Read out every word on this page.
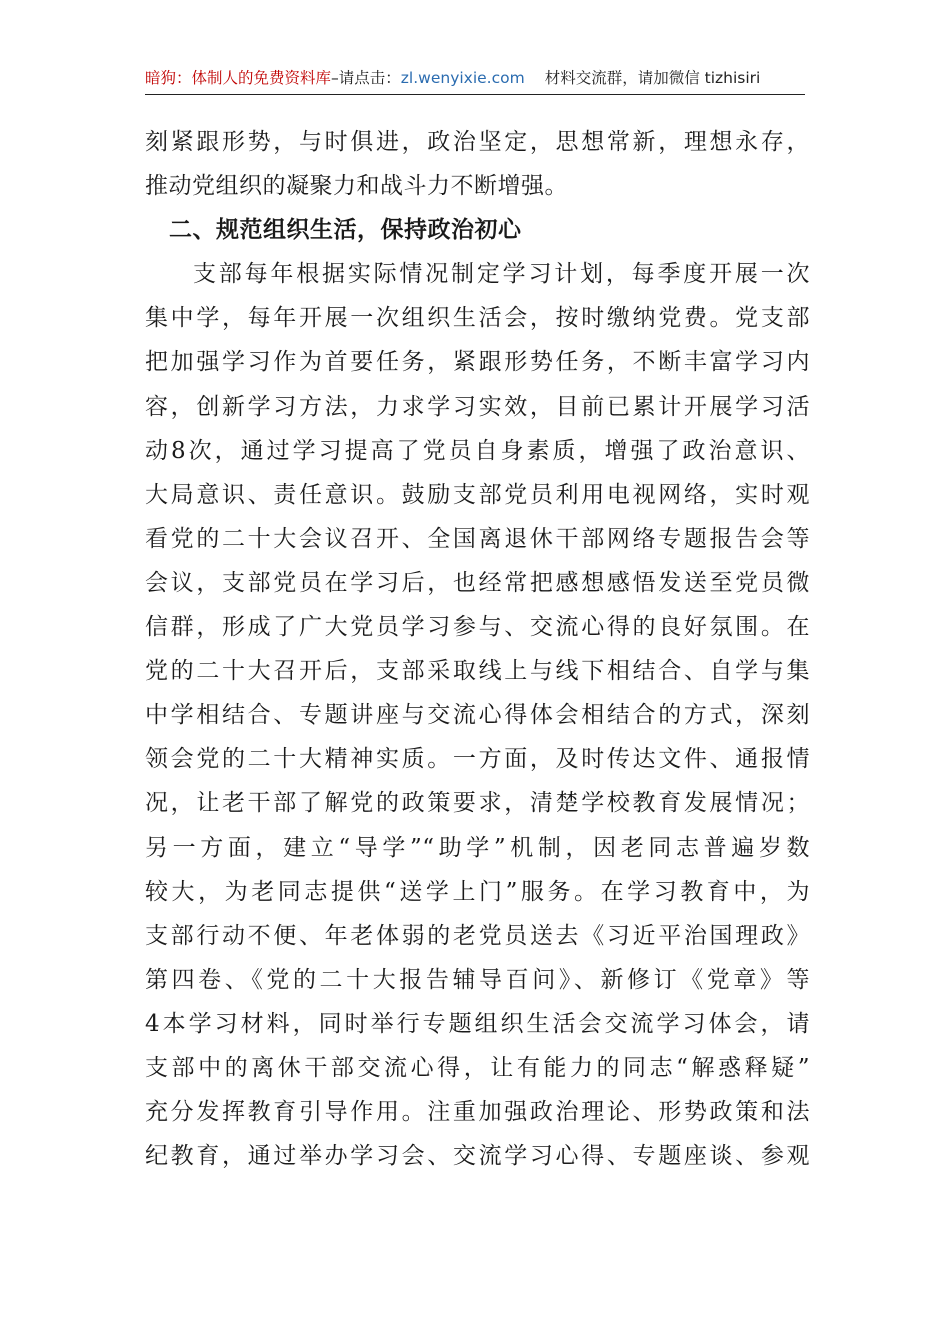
暗狗：体制人的免费资料库–请点击：zl.wenyixie.com 材料交流群，请加微信 tizhisiri
刻紧跟形势，与时俱进，政治坚定，思想常新，理想永存，
推动党组织的凝聚力和战斗力不断增强。
二、规范组织生活，保持政治初心
支部每年根据实际情况制定学习计划，每季度开展一次
集中学，每年开展一次组织生活会，按时缴纳党费。党支部
把加强学习作为首要任务，紧跟形势任务，不断丰富学习内
容，创新学习方法，力求学习实效，目前已累计开展学习活
动8次，通过学习提高了党员自身素质，增强了政治意识、
大局意识、责任意识。鼓励支部党员利用电视网络，实时观
看党的二十大会议召开、全国离退休干部网络专题报告会等
会议，支部党员在学习后，也经常把感想感悟发送至党员微
信群，形成了广大党员学习参与、交流心得的良好氛围。在
党的二十大召开后，支部采取线上与线下相结合、自学与集
中学相结合、专题讲座与交流心得体会相结合的方式，深刻
领会党的二十大精神实质。一方面，及时传达文件、通报情
况，让老干部了解党的政策要求，清楚学校教育发展情况；
另一方面，建立“导学”“助学”机制，因老同志普遍岁数
较大，为老同志提供“送学上门”服务。在学习教育中，为
支部行动不便、年老体弱的老党员送去《习近平治国理政》
第四卷、《党的二十大报告辅导百问》、新修订《党章》等
4本学习材料，同时举行专题组织生活会交流学习体会，请
支部中的离休干部交流心得，让有能力的同志“解惑释疑”
充分发挥教育引导作用。注重加强政治理论、形势政策和法
纪教育，通过举办学习会、交流学习心得、专题座谈、参观
